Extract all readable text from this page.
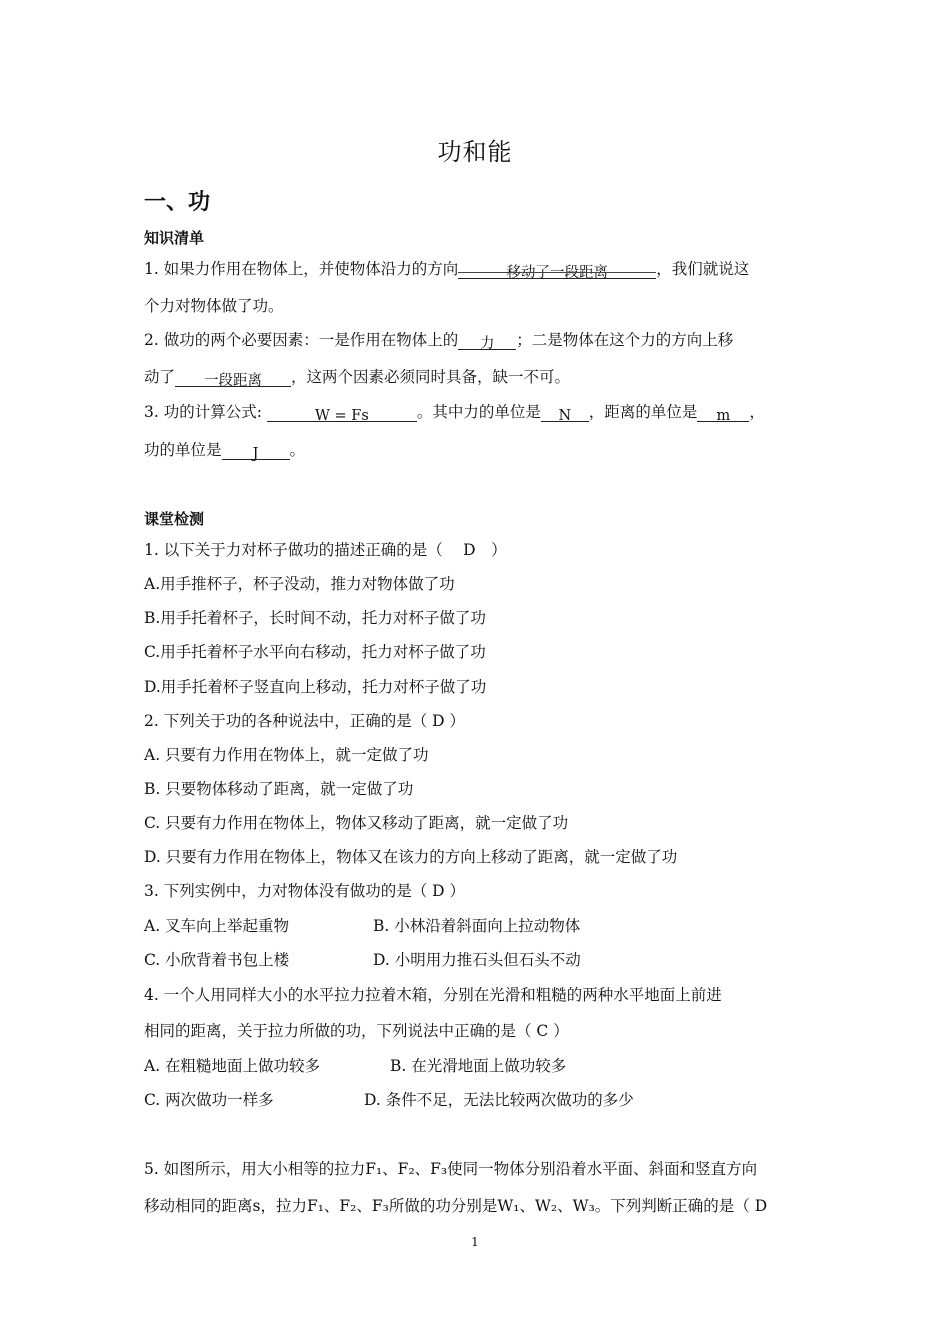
功和能
一、功
知识清单
1. 如果力作用在物体上，并使物体沿力的方向	移动了一段距离	，我们就说这
个力对物体做了功。
2. 做功的两个必要因素：一是作用在物体上的 力 ；二是物体在这个力的方向上移
动了 一段距离 ，这两个因素必须同时具备，缺一不可。
3. 功的计算公式:	W = Fs	。其中力的单位是 N ，距离的单位是 m ，
功的单位是 J 。
课堂检测
1. 以下关于力对杯子做功的描述正确的是（　 D　）
A.用手推杯子，杯子没动，推力对物体做了功
B.用手托着杯子，长时间不动，托力对杯子做了功
C.用手托着杯子水平向右移动，托力对杯子做了功
D.用手托着杯子竖直向上移动，托力对杯子做了功
2. 下列关于功的各种说法中，正确的是（ D ）
A. 只要有力作用在物体上，就一定做了功
B. 只要物体移动了距离，就一定做了功
C. 只要有力作用在物体上，物体又移动了距离，就一定做了功
D. 只要有力作用在物体上，物体又在该力的方向上移动了距离，就一定做了功
3. 下列实例中，力对物体没有做功的是（ D ）
A. 叉车向上举起重物	B. 小林沿着斜面向上拉动物体
C. 小欣背着书包上楼	D. 小明用力推石头但石头不动
4. 一个人用同样大小的水平拉力拉着木箱，分别在光滑和粗糙的两种水平地面上前进
相同的距离，关于拉力所做的功，下列说法中正确的是（ C ）
A. 在粗糙地面上做功较多	B. 在光滑地面上做功较多
C. 两次做功一样多	D. 条件不足，无法比较两次做功的多少
5. 如图所示，用大小相等的拉力F₁、F₂、F₃使同一物体分别沿着水平面、斜面和竖直方向
移动相同的距离s，拉力F₁、F₂、F₃所做的功分别是W₁、W₂、W₃。下列判断正确的是（ D
1
